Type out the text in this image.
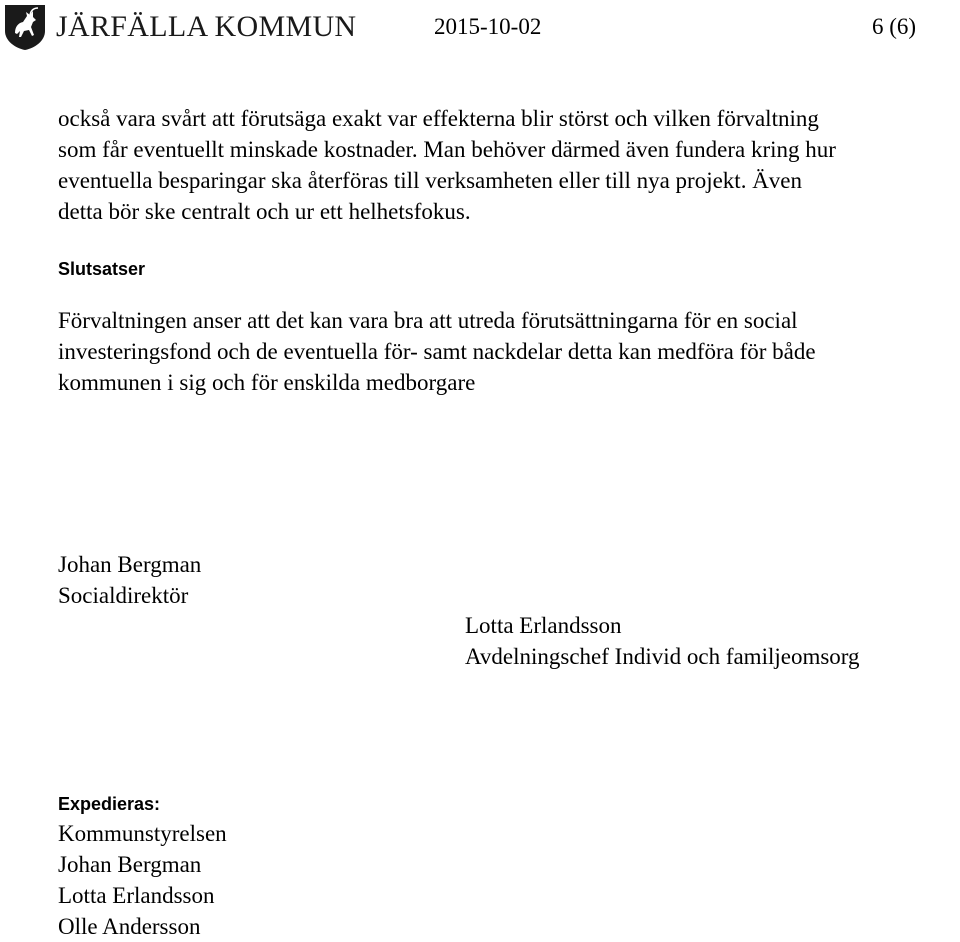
JÄRFÄLLA KOMMUN	2015-10-02	6 (6)
också vara svårt att förutsäga exakt var effekterna blir störst och vilken förvaltning
som får eventuellt minskade kostnader. Man behöver därmed även fundera kring hur
eventuella besparingar ska återföras till verksamheten eller till nya projekt. Även
detta bör ske centralt och ur ett helhetsfokus.
Slutsatser
Förvaltningen anser att det kan vara bra att utreda förutsättningarna för en social
investeringsfond och de eventuella för- samt nackdelar detta kan medföra för både
kommunen i sig och för enskilda medborgare
Johan Bergman
Socialdirektör
Lotta Erlandsson
Avdelningschef Individ och familjeomsorg
Expedieras:
Kommunstyrelsen
Johan Bergman
Lotta Erlandsson
Olle Andersson
